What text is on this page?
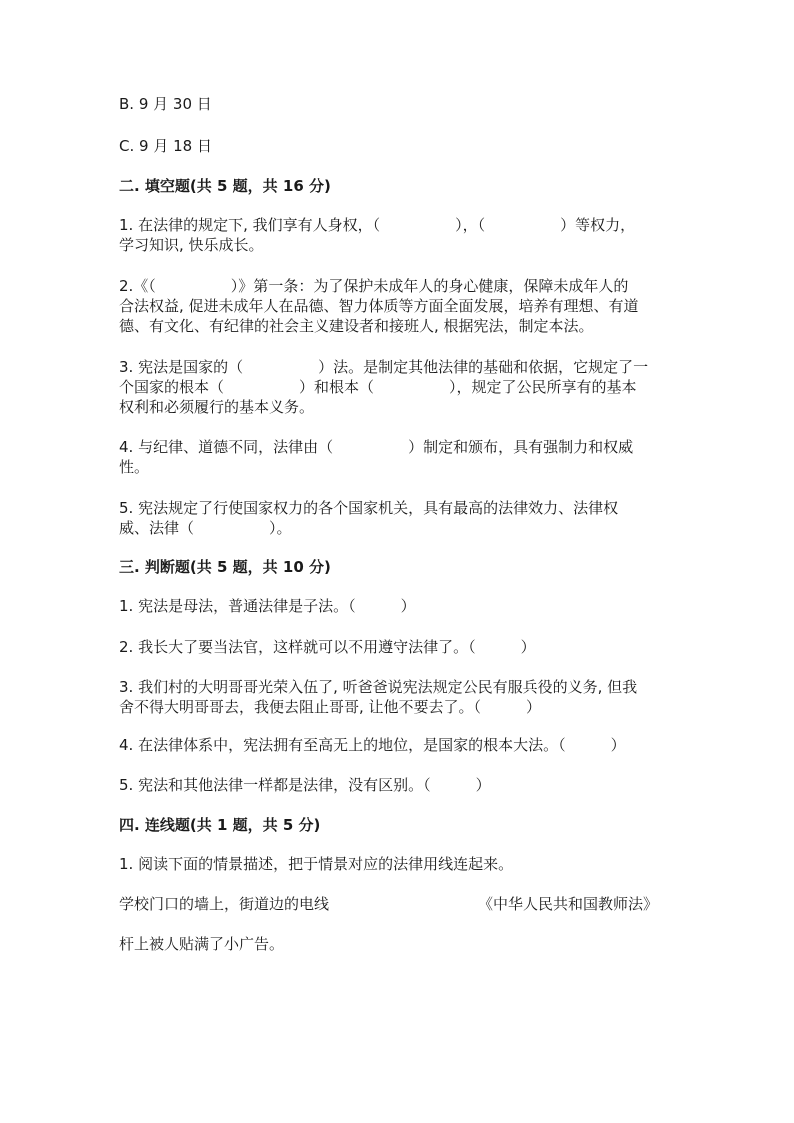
B. 9 月 30 日
C. 9 月 18 日
二. 填空题(共 5 题，共 16 分)
1. 在法律的规定下, 我们享有人身权，（　　　　　），（　　　　　）等权力，
学习知识, 快乐成长。
2.《（　　　　　）》第一条：为了保护未成年人的身心健康，保障未成年人的
合法权益, 促进未成年人在品德、智力体质等方面全面发展，培养有理想、有道
德、有文化、有纪律的社会主义建设者和接班人, 根据宪法，制定本法。
3. 宪法是国家的（　　　　　）法。是制定其他法律的基础和依据，它规定了一
个国家的根本（　　　　　）和根本（　　　　　），规定了公民所享有的基本
权利和必须履行的基本义务。
4. 与纪律、道德不同，法律由（　　　　　）制定和颁布，具有强制力和权威
性。
5. 宪法规定了行使国家权力的各个国家机关，具有最高的法律效力、法律权
威、法律（　　　　　）。
三. 判断题(共 5 题，共 10 分)
1. 宪法是母法，普通法律是子法。（　　　）
2. 我长大了要当法官，这样就可以不用遵守法律了。（　　　）
3. 我们村的大明哥哥光荣入伍了, 听爸爸说宪法规定公民有服兵役的义务, 但我
舍不得大明哥哥去，我便去阻止哥哥, 让他不要去了。（　　　）
4. 在法律体系中，宪法拥有至高无上的地位，是国家的根本大法。（　　　）
5. 宪法和其他法律一样都是法律，没有区别。（　　　）
四. 连线题(共 1 题，共 5 分)
1. 阅读下面的情景描述，把于情景对应的法律用线连起来。
学校门口的墙上，街道边的电线	《中华人民共和国教师法》
杆上被人贴满了小广告。
